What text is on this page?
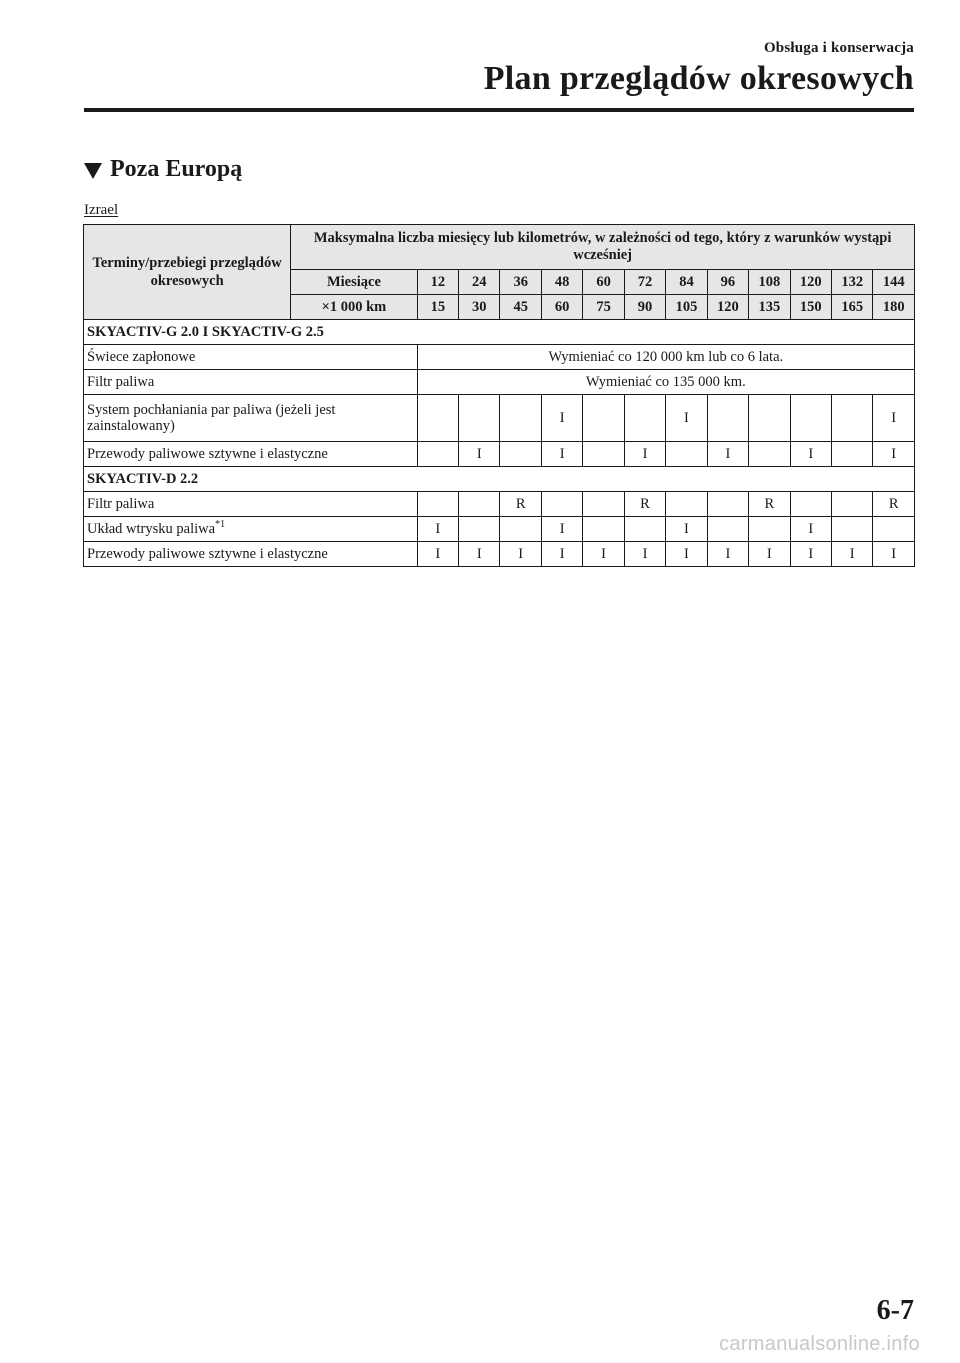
Obsługa i konserwacja
Plan przeglądów okresowych
Poza Europą
Izrael
Terminy/przebiegi przeglądów okresowych	Maksymalna liczba miesięcy lub kilometrów, w zależności od tego, który z warunków wystąpi wcześniej												
	Miesiące	12	24	36	48	60	72	84	96	108	120	132	144
	×1 000 km	15	30	45	60	75	90	105	120	135	150	165	180
SKYACTIV-G 2.0 I SKYACTIV-G 2.5													
Świece zapłonowe		Wymieniać co 120 000 km lub co 6 lata.											
Filtr paliwa		Wymieniać co 135 000 km.											
System pochłaniania par paliwa (jeżeli jest zainstalowany)					I			I					I
Przewody paliwowe sztywne i elastyczne			I		I		I		I		I		I
SKYACTIV-D 2.2													
Filtr paliwa				R			R			R			R
Układ wtrysku paliwa$^{*1}$		I			I			I			I		
Przewody paliwowe sztywne i elastyczne		I	I	I	I	I	I	I	I	I	I	I	I
6-7
carmanualsonline.info
